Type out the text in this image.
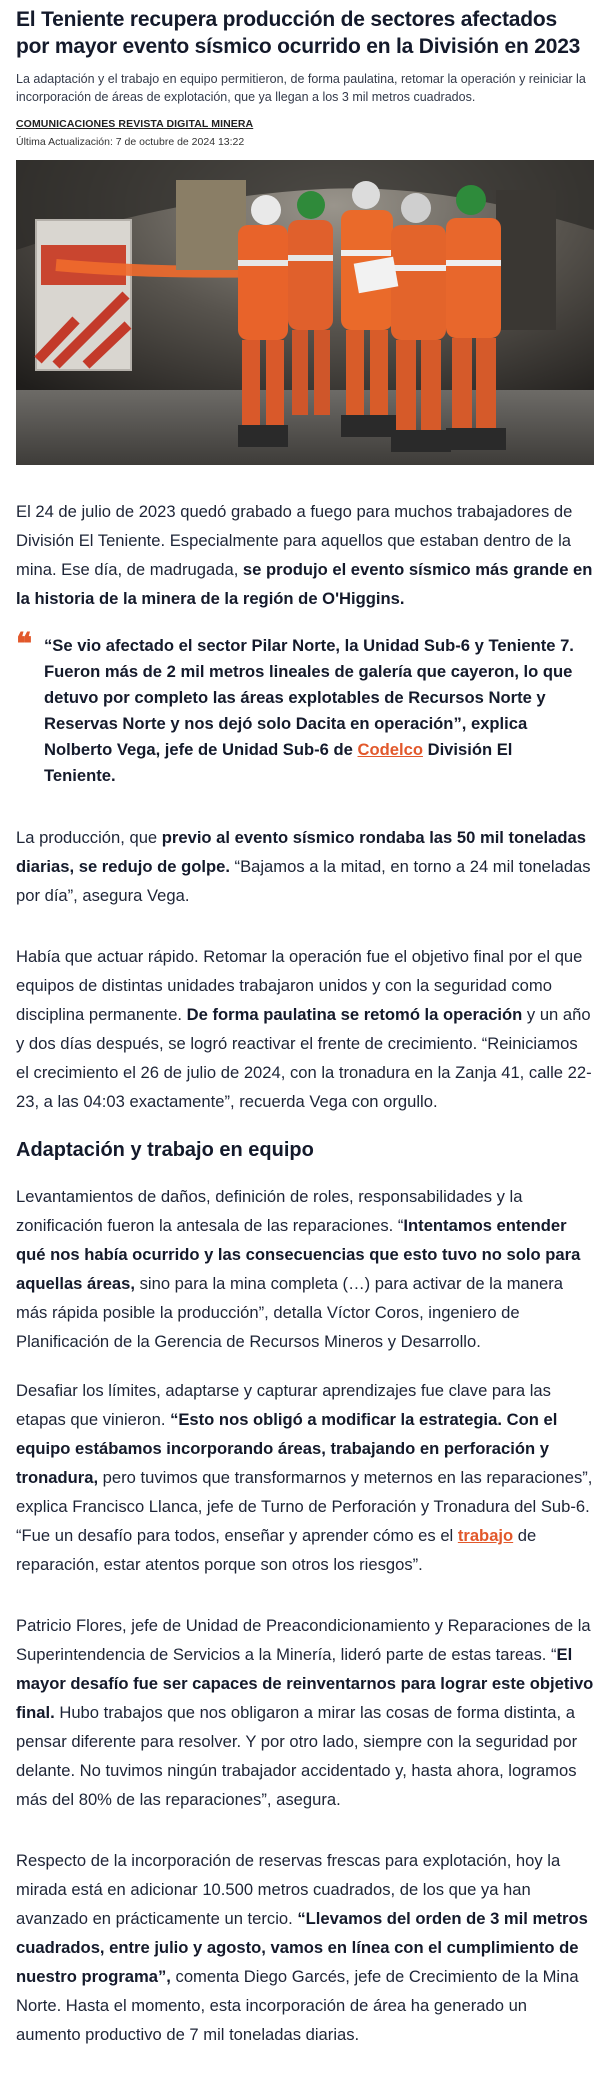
El Teniente recupera producción de sectores afectados por mayor evento sísmico ocurrido en la División en 2023

La adaptación y el trabajo en equipo permitieron, de forma paulatina, retomar la operación y reiniciar la incorporación de áreas de explotación, que ya llegan a los 3 mil metros cuadrados.

COMUNICACIONES REVISTA DIGITAL MINERA
Última Actualización: 7 de octubre de 2024 13:22

El 24 de julio de 2023 quedó grabado a fuego para muchos trabajadores de División El Teniente. Especialmente para aquellos que estaban dentro de la mina. Ese día, de madrugada, se produjo el evento sísmico más grande en la historia de la minera de la región de O'Higgins.

❝ “Se vio afectado el sector Pilar Norte, la Unidad Sub-6 y Teniente 7. Fueron más de 2 mil metros lineales de galería que cayeron, lo que detuvo por completo las áreas explotables de Recursos Norte y Reservas Norte y nos dejó solo Dacita en operación”, explica Nolberto Vega, jefe de Unidad Sub-6 de Codelco División El Teniente.

La producción, que previo al evento sísmico rondaba las 50 mil toneladas diarias, se redujo de golpe. “Bajamos a la mitad, en torno a 24 mil toneladas por día”, asegura Vega.

Había que actuar rápido. Retomar la operación fue el objetivo final por el que equipos de distintas unidades trabajaron unidos y con la seguridad como disciplina permanente. De forma paulatina se retomó la operación y un año y dos días después, se logró reactivar el frente de crecimiento. “Reiniciamos el crecimiento el 26 de julio de 2024, con la tronadura en la Zanja 41, calle 22-23, a las 04:03 exactamente”, recuerda Vega con orgullo.

Adaptación y trabajo en equipo

Levantamientos de daños, definición de roles, responsabilidades y la zonificación fueron la antesala de las reparaciones. “Intentamos entender qué nos había ocurrido y las consecuencias que esto tuvo no solo para aquellas áreas, sino para la mina completa (…) para activar de la manera más rápida posible la producción”, detalla Víctor Coros, ingeniero de Planificación de la Gerencia de Recursos Mineros y Desarrollo.

Desafiar los límites, adaptarse y capturar aprendizajes fue clave para las etapas que vinieron. “Esto nos obligó a modificar la estrategia. Con el equipo estábamos incorporando áreas, trabajando en perforación y tronadura, pero tuvimos que transformarnos y meternos en las reparaciones”, explica Francisco Llanca, jefe de Turno de Perforación y Tronadura del Sub-6. “Fue un desafío para todos, enseñar y aprender cómo es el trabajo de reparación, estar atentos porque son otros los riesgos”.

Patricio Flores, jefe de Unidad de Preacondicionamiento y Reparaciones de la Superintendencia de Servicios a la Minería, lideró parte de estas tareas. “El mayor desafío fue ser capaces de reinventarnos para lograr este objetivo final. Hubo trabajos que nos obligaron a mirar las cosas de forma distinta, a pensar diferente para resolver. Y por otro lado, siempre con la seguridad por delante. No tuvimos ningún trabajador accidentado y, hasta ahora, logramos más del 80% de las reparaciones”, asegura.

Respecto de la incorporación de reservas frescas para explotación, hoy la mirada está en adicionar 10.500 metros cuadrados, de los que ya han avanzado en prácticamente un tercio. “Llevamos del orden de 3 mil metros cuadrados, entre julio y agosto, vamos en línea con el cumplimiento de nuestro programa”, comenta Diego Garcés, jefe de Crecimiento de la Mina Norte. Hasta el momento, esta incorporación de área ha generado un aumento productivo de 7 mil toneladas diarias.
